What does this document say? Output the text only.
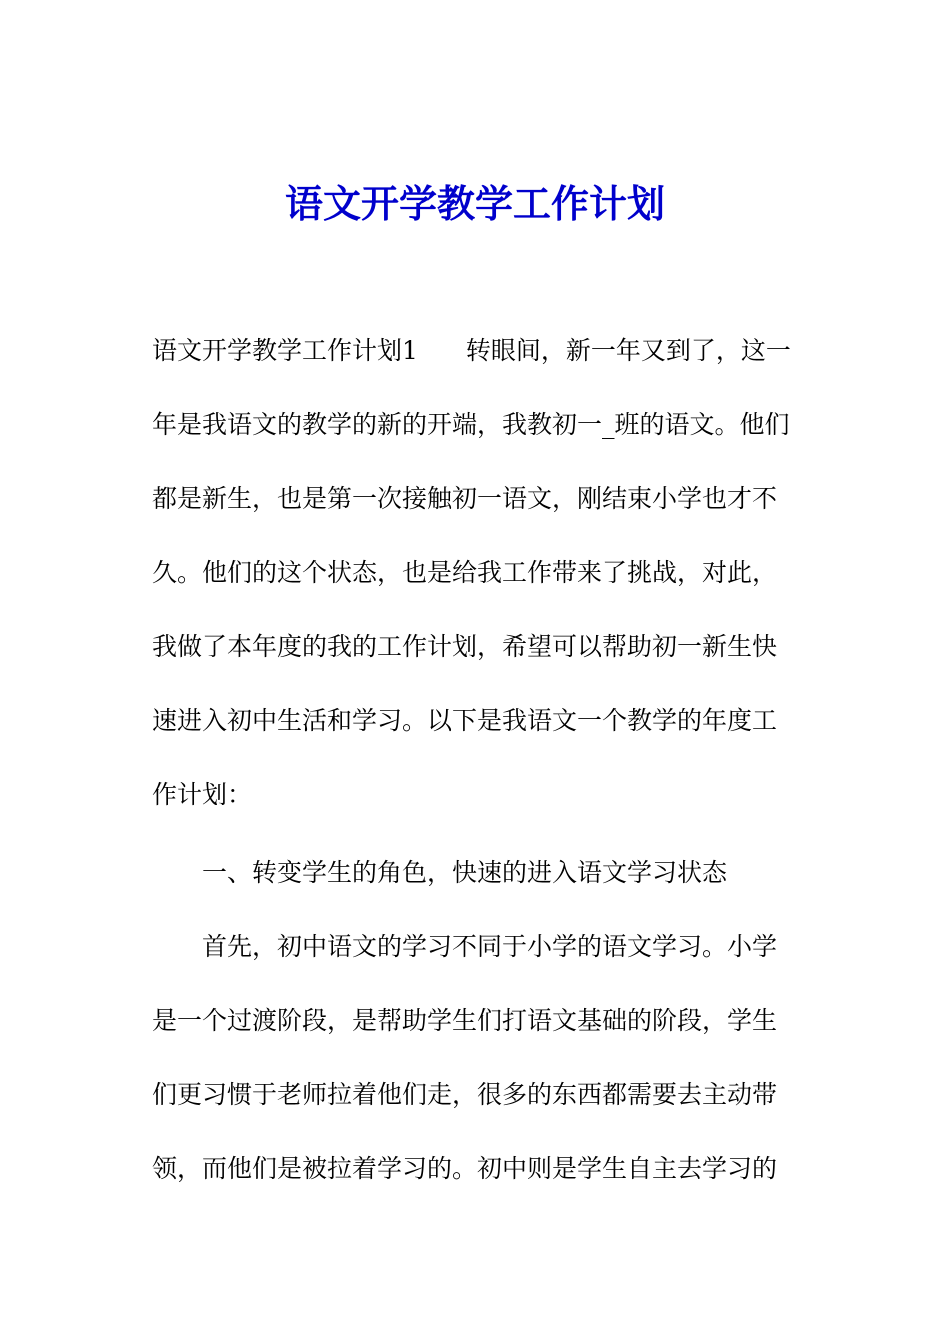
语文开学教学工作计划
语文开学教学工作计划1 转眼间，新一年又到了，这一
年是我语文的教学的新的开端，我教初一_班的语文。他们
都是新生，也是第一次接触初一语文，刚结束小学也才不
久。他们的这个状态，也是给我工作带来了挑战，对此，
我做了本年度的我的工作计划，希望可以帮助初一新生快
速进入初中生活和学习。以下是我语文一个教学的年度工
作计划：
一、转变学生的角色，快速的进入语文学习状态
首先，初中语文的学习不同于小学的语文学习。小学
是一个过渡阶段，是帮助学生们打语文基础的阶段，学生
们更习惯于老师拉着他们走，很多的东西都需要去主动带
领，而他们是被拉着学习的。初中则是学生自主去学习的
